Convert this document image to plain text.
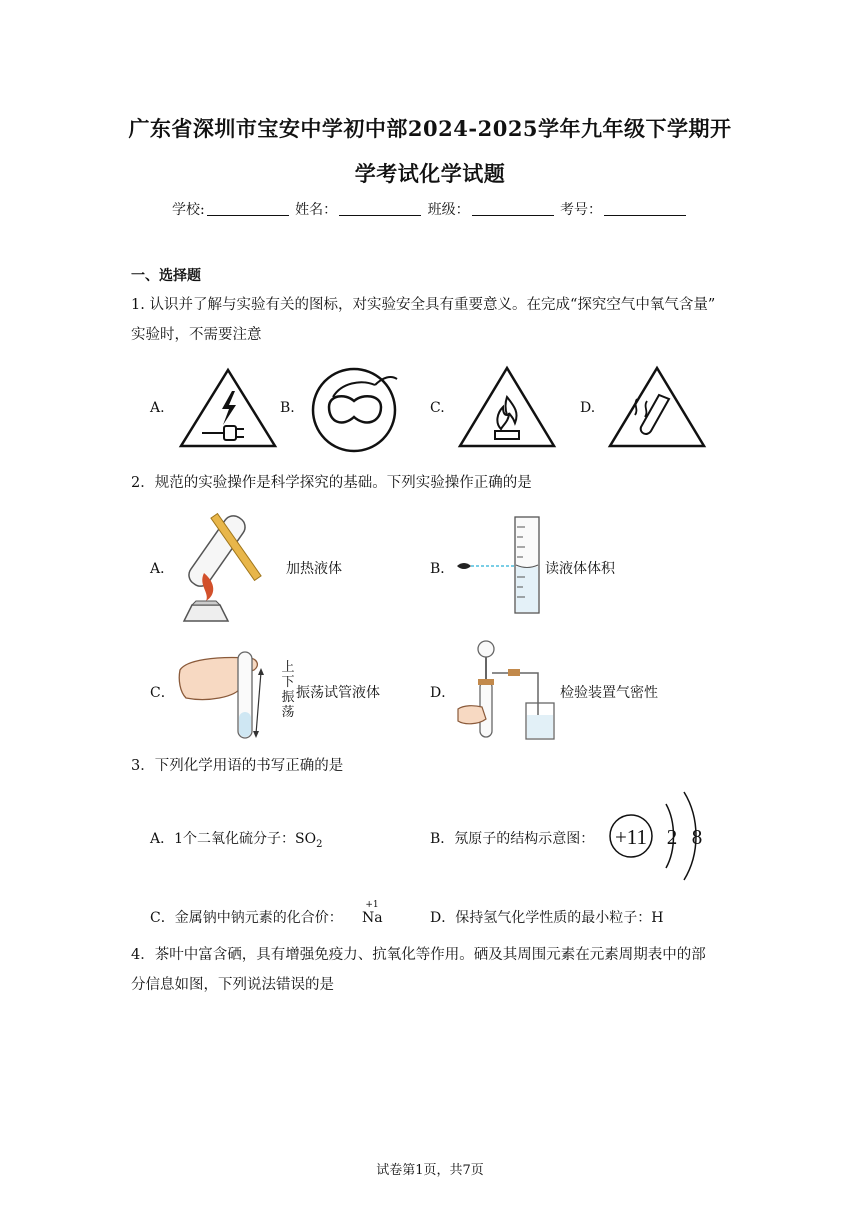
广东省深圳市宝安中学初中部2024-2025学年九年级下学期开
学考试化学试题
学校:	姓名：	班级：	考号：
一、选择题
1. 认识并了解与实验有关的图标，对实验安全具有重要意义。在完成“探究空气中氧气含量”
实验时，不需要注意
A.	B.	C.	D.
2．规范的实验操作是科学探究的基础。下列实验操作正确的是
A．	加热液体	B．	读液体体积
C．
上
下
振
荡
振荡试管液体	D．	检验装置气密性
3．下列化学用语的书写正确的是
A．1个二氧化硫分子：$SO_2$	B．氖原子的结构示意图： +11 2 8
C．金属钠中钠元素的化合价：
+1
Na	D．保持氢气化学性质的最小粒子：H
4．茶叶中富含硒，具有增强免疫力、抗氧化等作用。硒及其周围元素在元素周期表中的部
分信息如图，下列说法错误的是
试卷第1页，共7页
